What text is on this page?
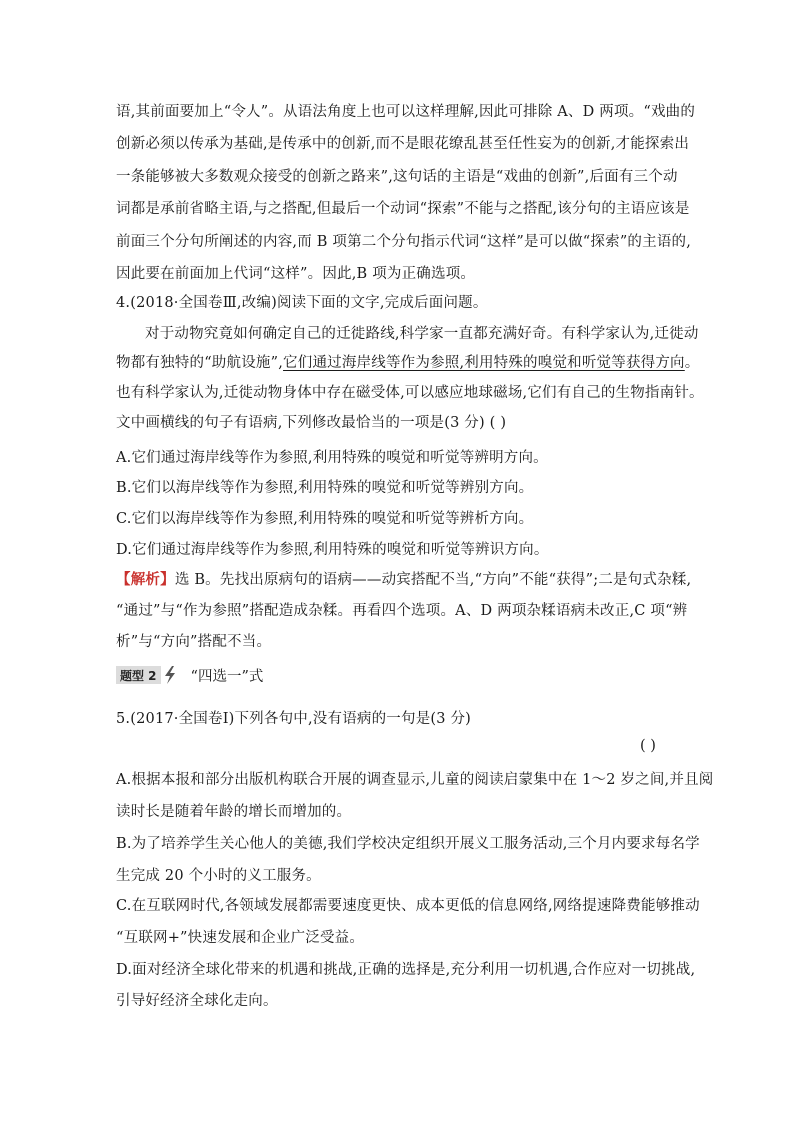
语,其前面要加上“令人”。从语法角度上也可以这样理解,因此可排除 A、D 两项。“戏曲的
创新必须以传承为基础,是传承中的创新,而不是眼花缭乱甚至任性妄为的创新,才能探索出
一条能够被大多数观众接受的创新之路来”,这句话的主语是“戏曲的创新”,后面有三个动
词都是承前省略主语,与之搭配,但最后一个动词“探索”不能与之搭配,该分句的主语应该是
前面三个分句所阐述的内容,而 B 项第二个分句指示代词“这样”是可以做“探索”的主语的,
因此要在前面加上代词“这样”。因此,B 项为正确选项。
4.(2018·全国卷Ⅲ,改编)阅读下面的文字,完成后面问题。
对于动物究竟如何确定自己的迁徙路线,科学家一直都充满好奇。有科学家认为,迁徙动
物都有独特的“助航设施”,它们通过海岸线等作为参照,利用特殊的嗅觉和听觉等获得方向。
也有科学家认为,迁徙动物身体中存在磁受体,可以感应地球磁场,它们有自己的生物指南针。
文中画横线的句子有语病,下列修改最恰当的一项是(3 分) ( )
A.它们通过海岸线等作为参照,利用特殊的嗅觉和听觉等辨明方向。
B.它们以海岸线等作为参照,利用特殊的嗅觉和听觉等辨别方向。
C.它们以海岸线等作为参照,利用特殊的嗅觉和听觉等辨析方向。
D.它们通过海岸线等作为参照,利用特殊的嗅觉和听觉等辨识方向。
【解析】选 B。先找出原病句的语病——动宾搭配不当,“方向”不能“获得”;二是句式杂糅,
“通过”与“作为参照”搭配造成杂糅。再看四个选项。A、D 两项杂糅语病未改正,C 项“辨
析”与“方向”搭配不当。
题型 2 “四选一”式
5.(2017·全国卷Ⅰ)下列各句中,没有语病的一句是(3 分)
( )
A.根据本报和部分出版机构联合开展的调查显示,儿童的阅读启蒙集中在 1～2 岁之间,并且阅
读时长是随着年龄的增长而增加的。
B.为了培养学生关心他人的美德,我们学校决定组织开展义工服务活动,三个月内要求每名学
生完成 20 个小时的义工服务。
C.在互联网时代,各领域发展都需要速度更快、成本更低的信息网络,网络提速降费能够推动
“互联网+”快速发展和企业广泛受益。
D.面对经济全球化带来的机遇和挑战,正确的选择是,充分利用一切机遇,合作应对一切挑战,
引导好经济全球化走向。
